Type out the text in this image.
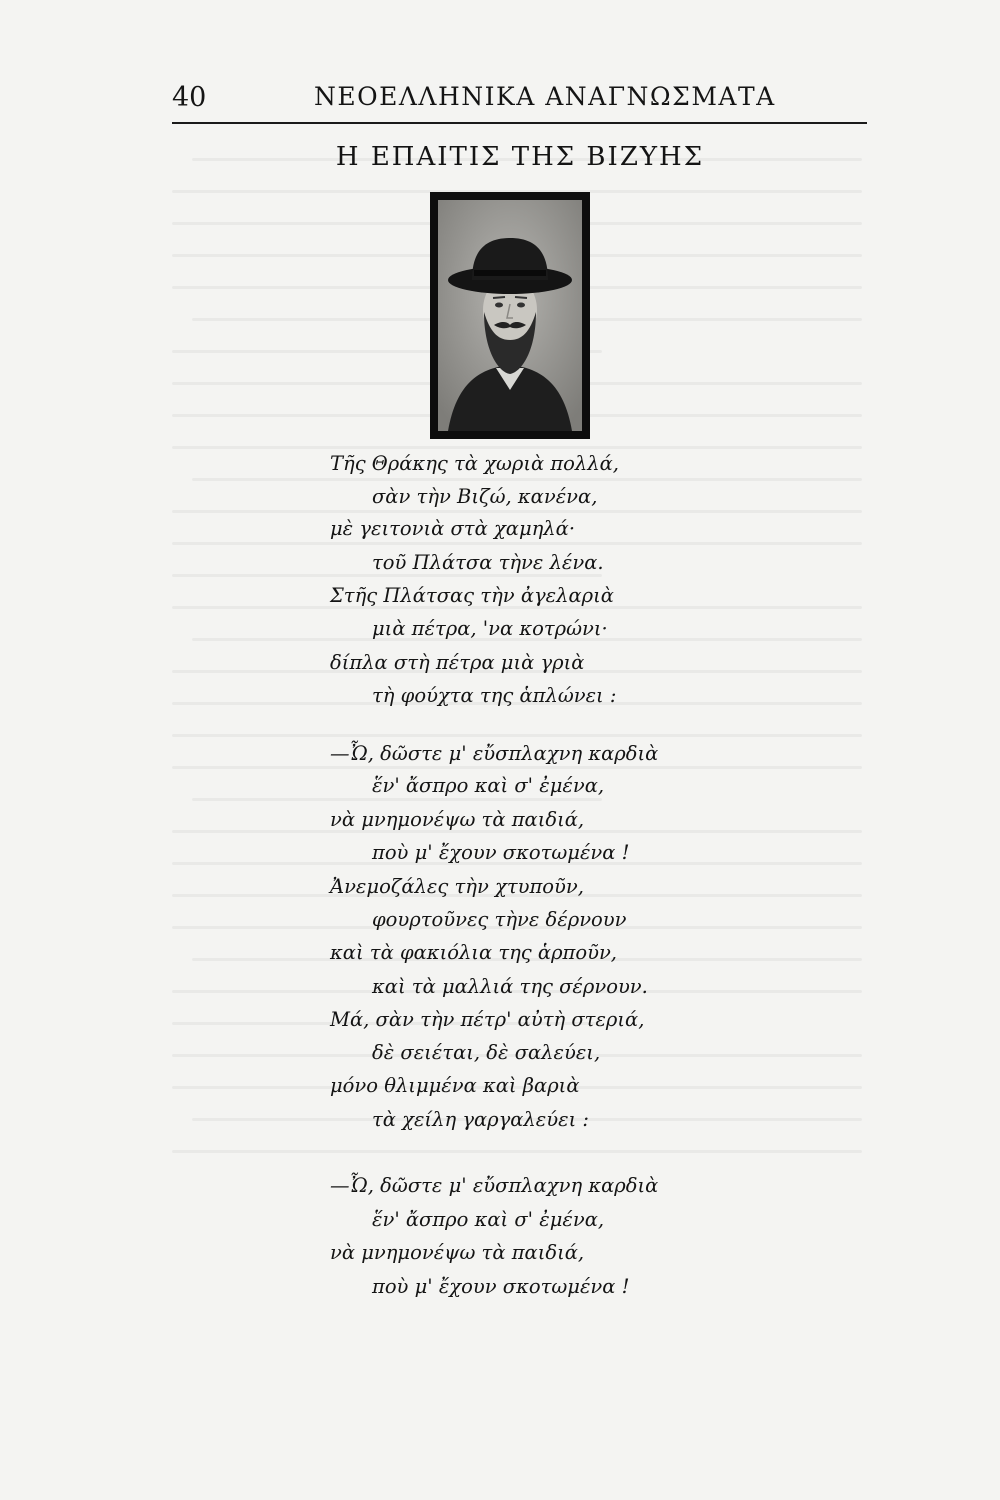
40	ΝΕΟΕΛΛΗΝΙΚΑ ΑΝΑΓΝΩΣΜΑΤΑ
Η ΕΠΑΙΤΙΣ ΤΗΣ ΒΙΖΥΗΣ
Τῆς Θράκης τὰ χωριὰ πολλά,
σὰν τὴν Βιζώ, κανένα,
μὲ γειτονιὰ στὰ χαμηλά·
τοῦ Πλάτσα τὴνε λένα.
Στῆς Πλάτσας τὴν ἀγελαριὰ
μιὰ πέτρα, 'να κοτρώνι·
δίπλα στὴ πέτρα μιὰ γριὰ
τὴ φούχτα της ἁπλώνει :
—Ὦ, δῶστε μ' εὔσπλαχνη καρδιὰ
ἕν' ἄσπρο καὶ σ' ἐμένα,
νὰ μνημονέψω τὰ παιδιά,
ποὺ μ' ἔχουν σκοτωμένα !
Ἀνεμοζάλες τὴν χτυποῦν,
φουρτοῦνες τὴνε δέρνουν
καὶ τὰ φακιόλια της ἁρποῦν,
καὶ τὰ μαλλιά της σέρνουν.
Μά, σὰν τὴν πέτρ' αὐτὴ στεριά,
δὲ σειέται, δὲ σαλεύει,
μόνο θλιμμένα καὶ βαριὰ
τὰ χείλη γαργαλεύει :
—Ὦ, δῶστε μ' εὔσπλαχνη καρδιὰ
ἕν' ἄσπρο καὶ σ' ἐμένα,
νὰ μνημονέψω τὰ παιδιά,
ποὺ μ' ἔχουν σκοτωμένα !
